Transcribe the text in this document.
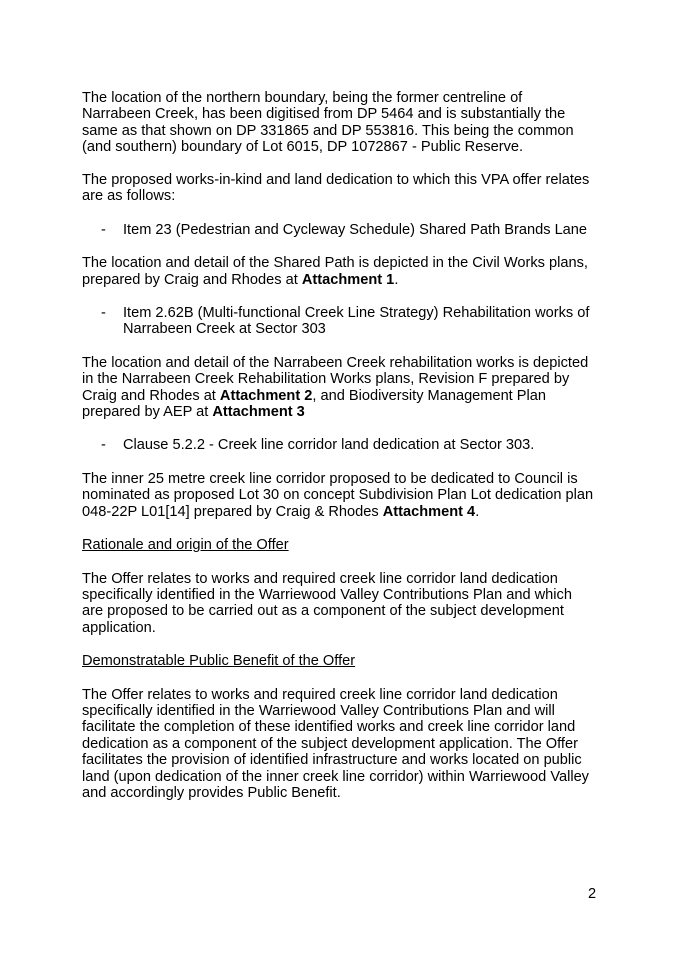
The location of the northern boundary, being the former centreline of Narrabeen Creek, has been digitised from DP 5464 and is substantially the same as that shown on DP 331865 and DP 553816. This being the common (and southern) boundary of Lot 6015, DP 1072867 - Public Reserve.

The proposed works-in-kind and land dedication to which this VPA offer relates are as follows:

- Item 23 (Pedestrian and Cycleway Schedule) Shared Path Brands Lane

The location and detail of the Shared Path is depicted in the Civil Works plans, prepared by Craig and Rhodes at Attachment 1.

- Item 2.62B (Multi-functional Creek Line Strategy) Rehabilitation works of Narrabeen Creek at Sector 303

The location and detail of the Narrabeen Creek rehabilitation works is depicted in the Narrabeen Creek Rehabilitation Works plans, Revision F prepared by Craig and Rhodes at Attachment 2, and Biodiversity Management Plan prepared by AEP at Attachment 3

- Clause 5.2.2 - Creek line corridor land dedication at Sector 303.

The inner 25 metre creek line corridor proposed to be dedicated to Council is nominated as proposed Lot 30 on concept Subdivision Plan Lot dedication plan 048-22P L01[14] prepared by Craig & Rhodes Attachment 4.

Rationale and origin of the Offer

The Offer relates to works and required creek line corridor land dedication specifically identified in the Warriewood Valley Contributions Plan and which are proposed to be carried out as a component of the subject development application.

Demonstratable Public Benefit of the Offer

The Offer relates to works and required creek line corridor land dedication specifically identified in the Warriewood Valley Contributions Plan and will facilitate the completion of these identified works and creek line corridor land dedication as a component of the subject development application. The Offer facilitates the provision of identified infrastructure and works located on public land (upon dedication of the inner creek line corridor) within Warriewood Valley and accordingly provides Public Benefit.

2
